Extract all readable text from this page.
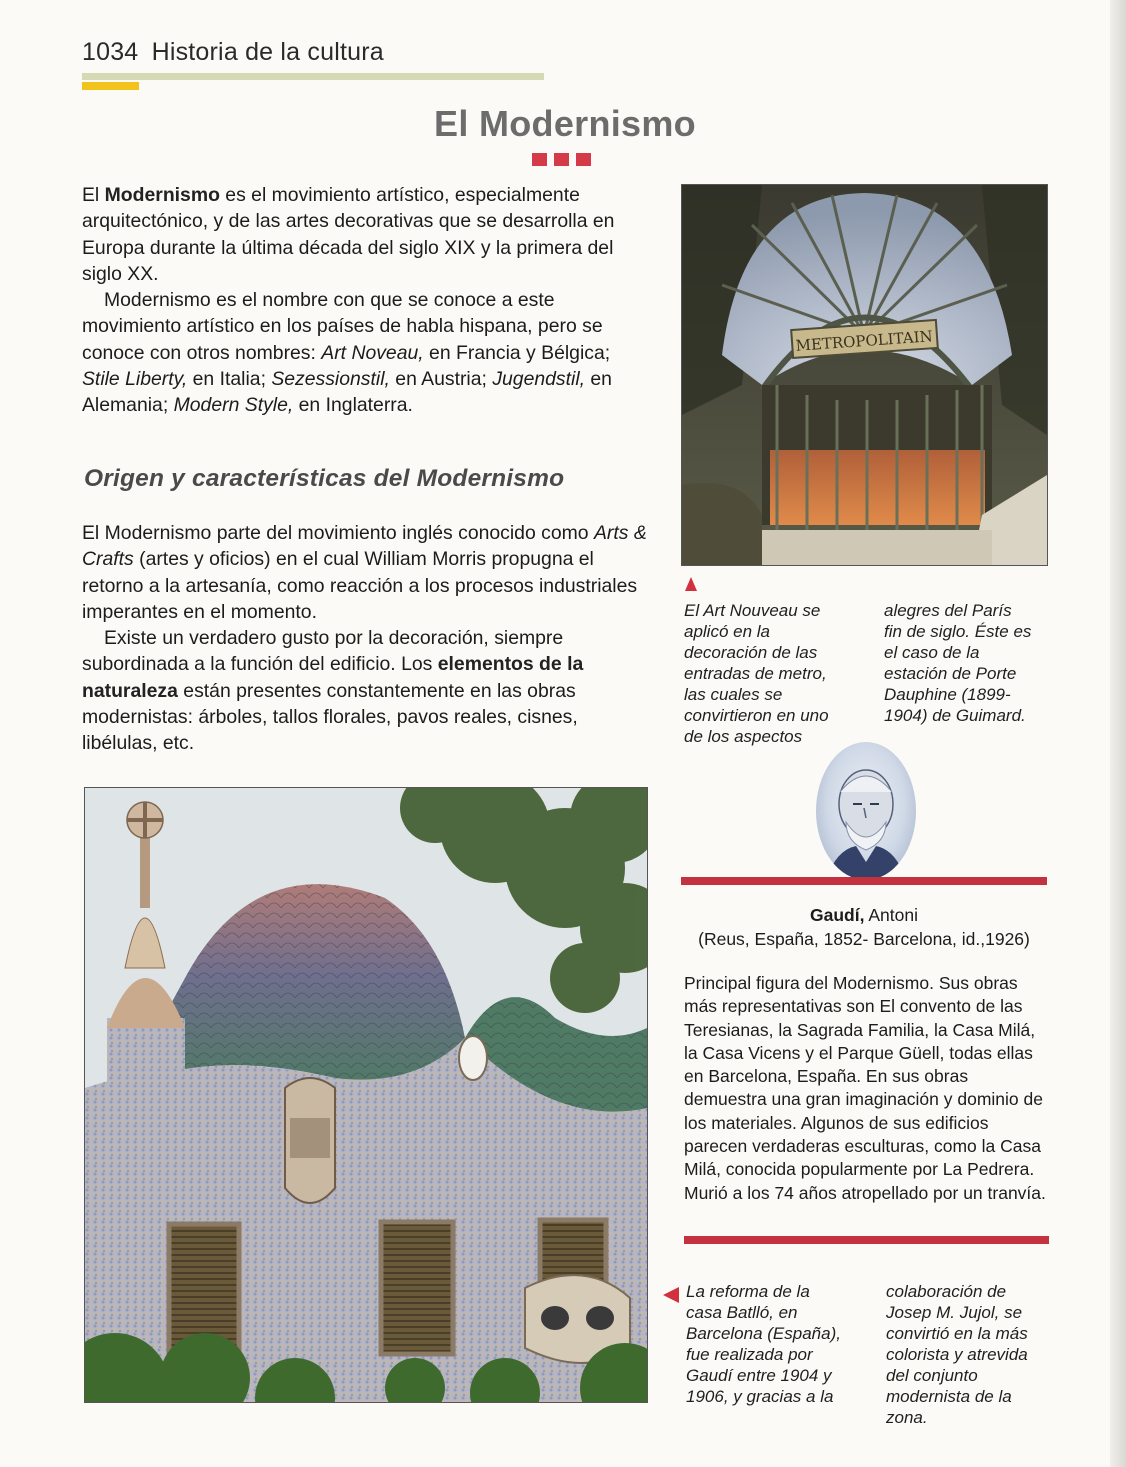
1034 Historia de la cultura
El Modernismo

El Modernismo es el movimiento artístico, especialmente arquitectónico, y de las artes decorativas que se desarrolla en Europa durante la última década del siglo XIX y la primera del siglo XX.

Modernismo es el nombre con que se conoce a este movimiento artístico en los países de habla hispana, pero se conoce con otros nombres: Art Noveau, en Francia y Bélgica; Stile Liberty, en Italia; Sezessionstil, en Austria; Jugendstil, en Alemania; Modern Style, en Inglaterra.

Origen y características del Modernismo

El Modernismo parte del movimiento inglés conocido como Arts & Crafts (artes y oficios) en el cual William Morris propugna el retorno a la artesanía, como reacción a los procesos industriales imperantes en el momento.

Existe un verdadero gusto por la decoración, siempre subordinada a la función del edificio. Los elementos de la naturaleza están presentes constantemente en las obras modernistas: árboles, tallos florales, pavos reales, cisnes, libélulas, etc.

METROPOLITAIN
El Art Nouveau se aplicó en la decoración de las entradas de metro, las cuales se convirtieron en uno de los aspectos
alegres del París fin de siglo. Éste es el caso de la estación de Porte Dauphine (1899-1904) de Guimard.
Gaudí, Antoni
(Reus, España, 1852- Barcelona, id.,1926)
Principal figura del Modernismo. Sus obras más representativas son El convento de las Teresianas, la Sagrada Familia, la Casa Milá, la Casa Vicens y el Parque Güell, todas ellas en Barcelona, España. En sus obras demuestra una gran imaginación y dominio de los materiales. Algunos de sus edificios parecen verdaderas esculturas, como la Casa Milá, conocida popularmente por La Pedrera. Murió a los 74 años atropellado por un tranvía.
La reforma de la casa Batlló, en Barcelona (España), fue realizada por Gaudí entre 1904 y 1906, y gracias a la
colaboración de Josep M. Jujol, se convirtió en la más colorista y atrevida del conjunto modernista de la zona.
